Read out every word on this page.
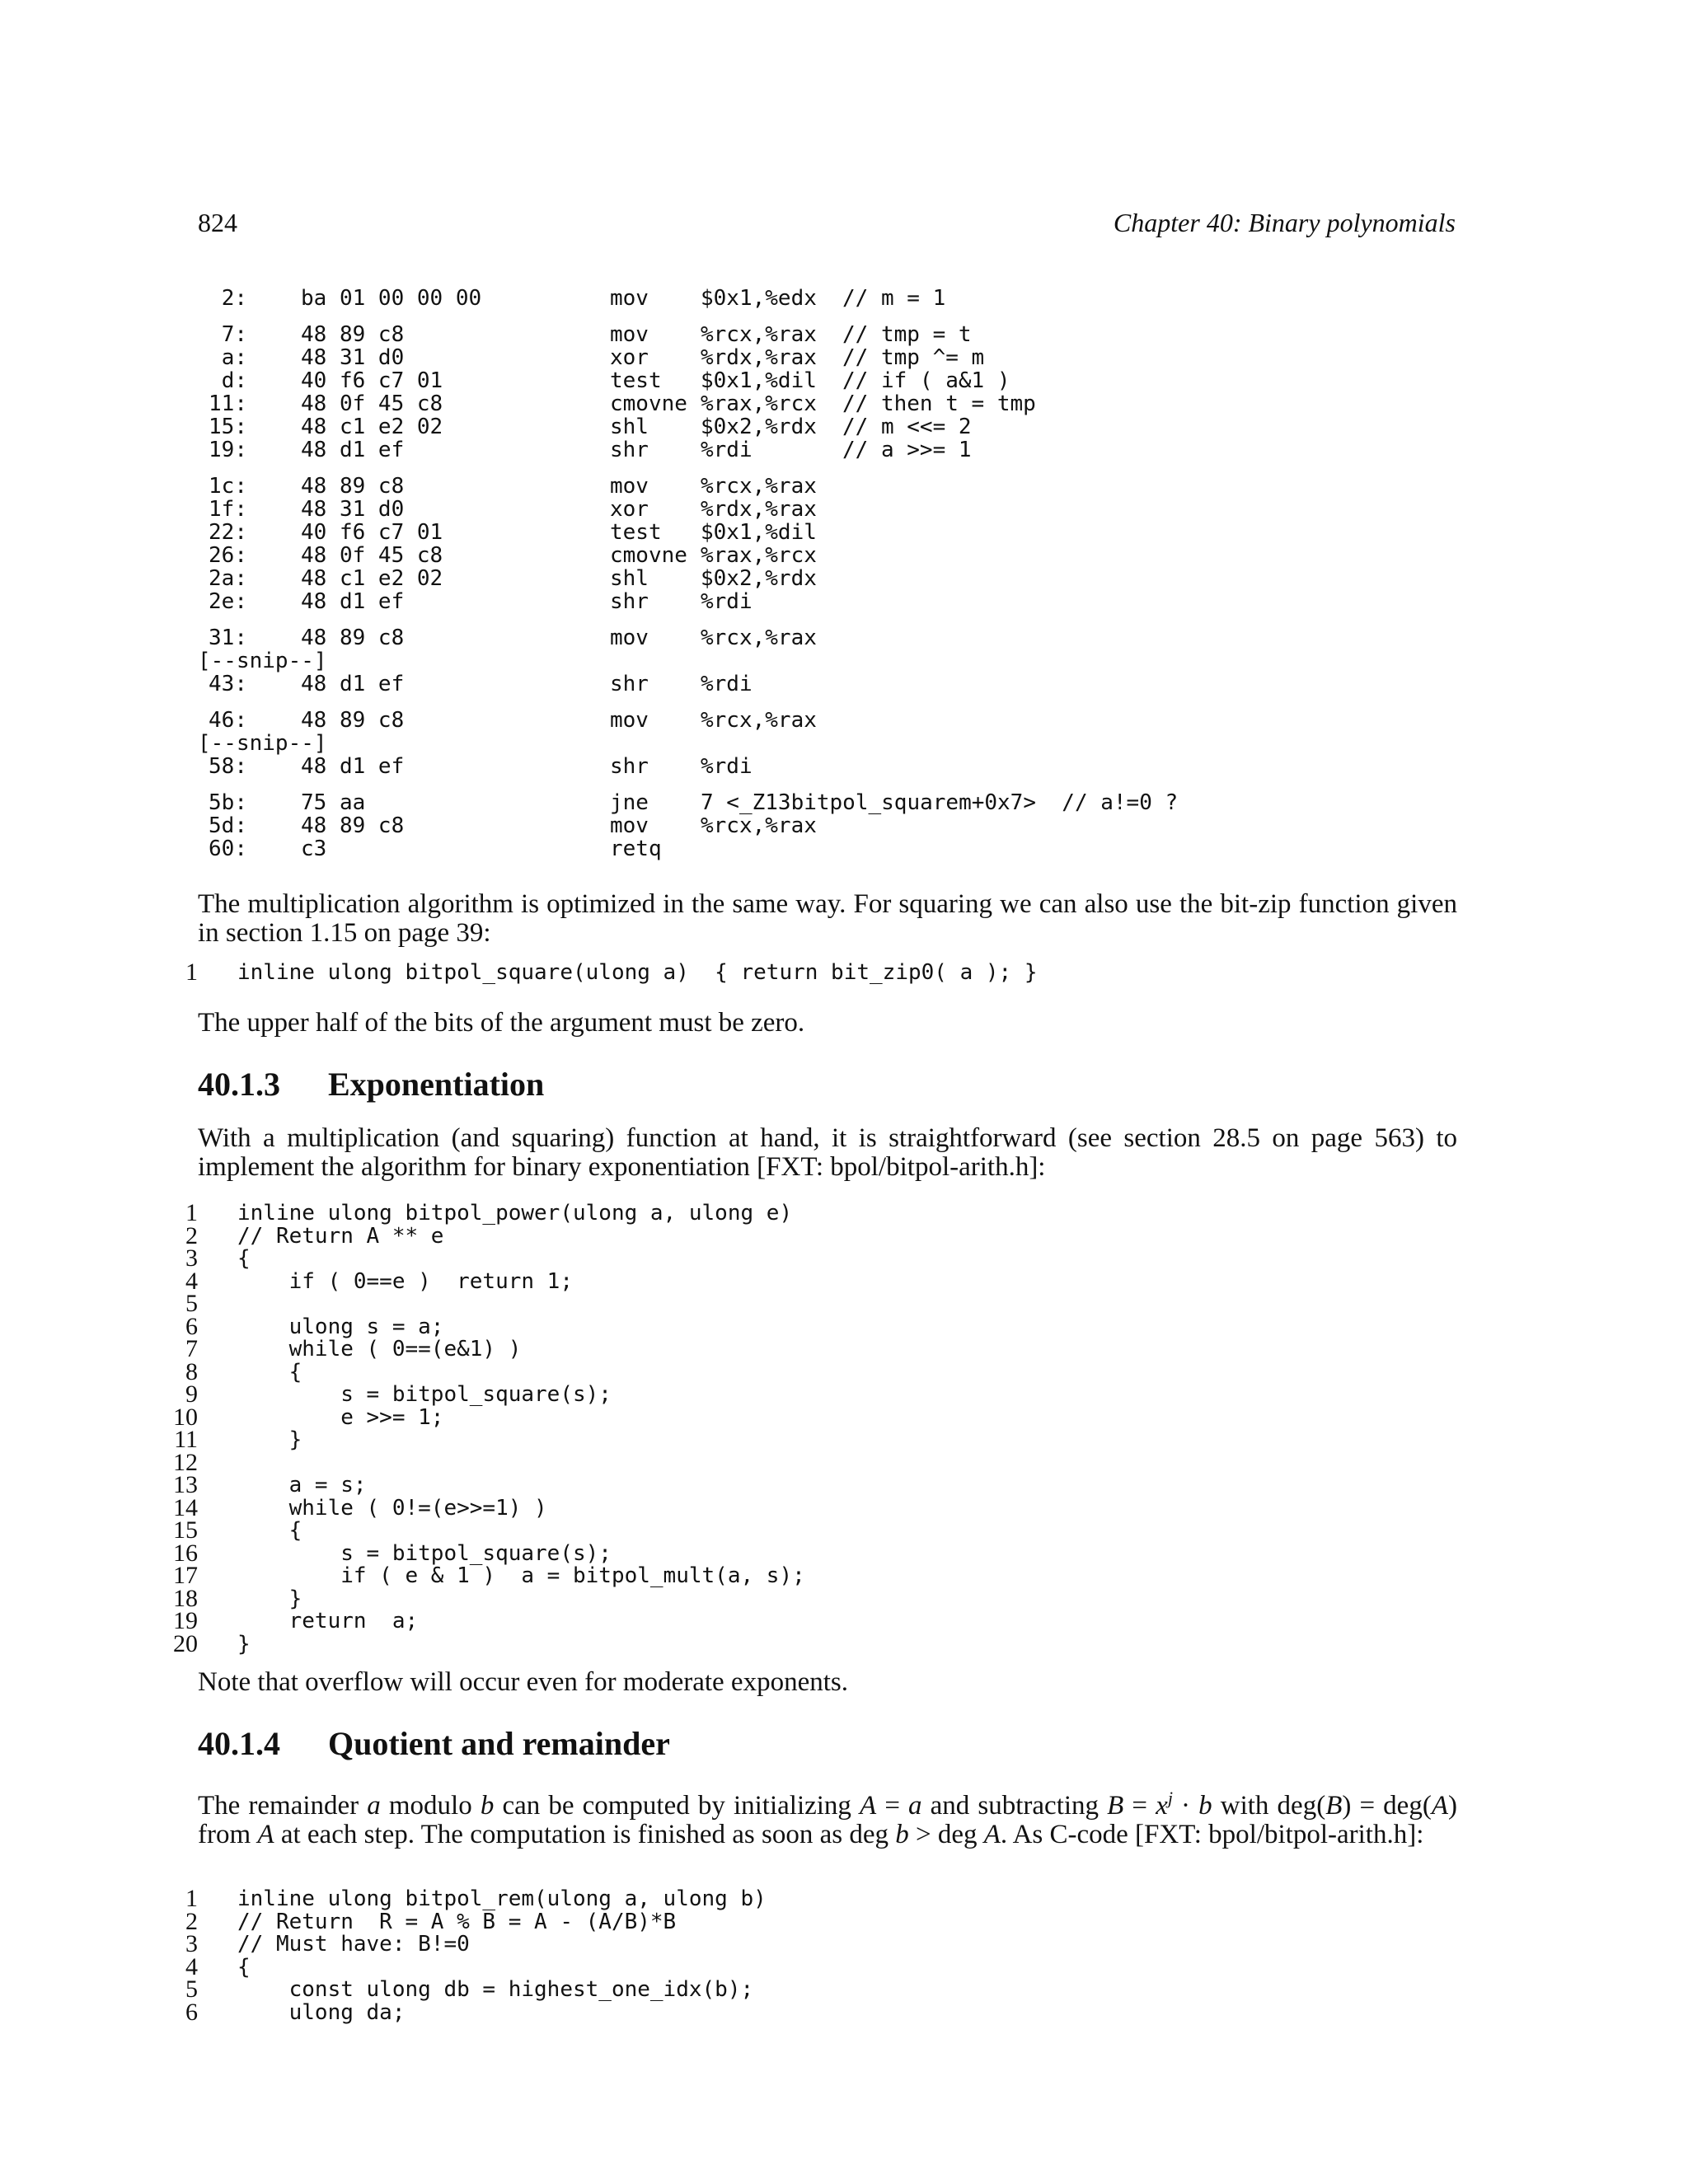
824	Chapter 40: Binary polynomials
2:	ba 01 00 00 00	mov $0x1,%edx // m = 1
7:	48 89 c8	mov %rcx,%rax // tmp = t
a:	48 31 d0	xor %rdx,%rax // tmp ^= m
d:	40 f6 c7 01	test $0x1,%dil // if ( a&1 )
11:	48 0f 45 c8	cmovne %rax,%rcx // then t = tmp
15:	48 c1 e2 02	shl $0x2,%rdx // m <<= 2
19:	48 d1 ef	shr %rdi	// a >>= 1
1c:	48 89 c8	mov %rcx,%rax
1f:	48 31 d0	xor %rdx,%rax
22:	40 f6 c7 01	test $0x1,%dil
26:	48 0f 45 c8	cmovne %rax,%rcx
2a:	48 c1 e2 02	shl $0x2,%rdx
2e:	48 d1 ef	shr %rdi
31:	48 89 c8	mov %rcx,%rax
[--snip--]
43:	48 d1 ef	shr %rdi
46:	48 89 c8	mov %rcx,%rax
[--snip--]
58:	48 d1 ef	shr %rdi
5b:	75 aa	jne 7 <_Z13bitpol_squarem+0x7>  // a!=0 ?
5d:	48 89 c8	mov %rcx,%rax
60:	c3	retq

The multiplication algorithm is optimized in the same way. For squaring we can also use the bit-zip function given in section 1.15 on page 39:

1 inline ulong bitpol_square(ulong a)  { return bit_zip0( a ); }

The upper half of the bits of the argument must be zero.

40.1.3 Exponentiation

With a multiplication (and squaring) function at hand, it is straightforward (see section 28.5 on page 563) to implement the algorithm for binary exponentiation [FXT: bpol/bitpol-arith.h]:

1 inline ulong bitpol_power(ulong a, ulong e)
2 // Return A ** e
3 {
4 if ( 0==e )  return 1;
5
6 ulong s = a;
7 while ( 0==(e&1) )
8 {
9 s = bitpol_square(s);
10 e >>= 1;
11 }
12
13 a = s;
14 while ( 0!=(e>>=1) )
15 {
16 s = bitpol_square(s);
17 if ( e & 1 )  a = bitpol_mult(a, s);
18 }
19 return  a;
20 }

Note that overflow will occur even for moderate exponents.

40.1.4 Quotient and remainder

The remainder a modulo b can be computed by initializing A = a and subtracting $B = x^j \cdot b$ with deg(B) = deg(A) from A at each step. The computation is finished as soon as deg b > deg A. As C-code [FXT: bpol/bitpol-arith.h]:

1 inline ulong bitpol_rem(ulong a, ulong b)
2 // Return  R = A % B = A - (A/B)*B
3 // Must have: B!=0
4 {
5 const ulong db = highest_one_idx(b);
6 ulong da;
